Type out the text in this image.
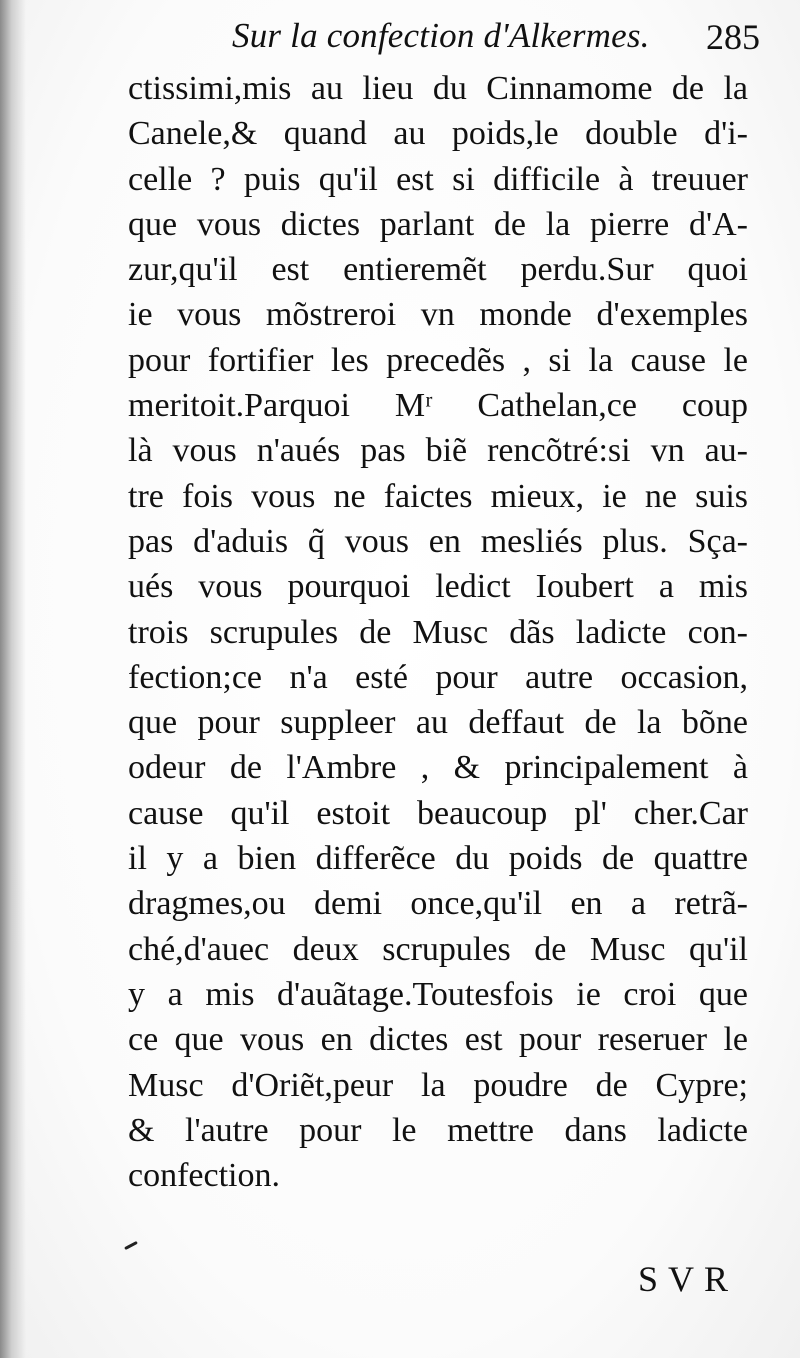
Sur la confection d'Alkermes. 285
ctissimi,mis au lieu du Cinnamome de la
Canele,& quand au poids,le double d'i-
celle ? puis qu'il est si difficile à treuuer
que vous dictes parlant de la pierre d'A-
zur,qu'il est entieremẽt perdu.Sur quoi
ie vous mõstreroi vn monde d'exemples
pour fortifier les precedẽs , si la cause le
meritoit.Parquoi Mʳ Cathelan,ce coup
là vous n'aués pas biẽ rencõtré:si vn au-
tre fois vous ne faictes mieux, ie ne suis
pas d'aduis q̃ vous en mesliés plus. Sça-
ués vous pourquoi ledict Ioubert a mis
trois scrupules de Musc dãs ladicte con-
fection;ce n'a esté pour autre occasion,
que pour suppleer au deffaut de la bõne
odeur de l'Ambre , & principalement à
cause qu'il estoit beaucoup pl' cher.Car
il y a bien differẽce du poids de quattre
dragmes,ou demi once,qu'il en a retrã-
ché,d'auec deux scrupules de Musc qu'il
y a mis d'auãtage.Toutesfois ie croi que
ce que vous en dictes est pour reseruer le
Musc d'Oriẽt,peur la poudre de Cypre;
& l'autre pour le mettre dans ladicte
confection.
SVR
